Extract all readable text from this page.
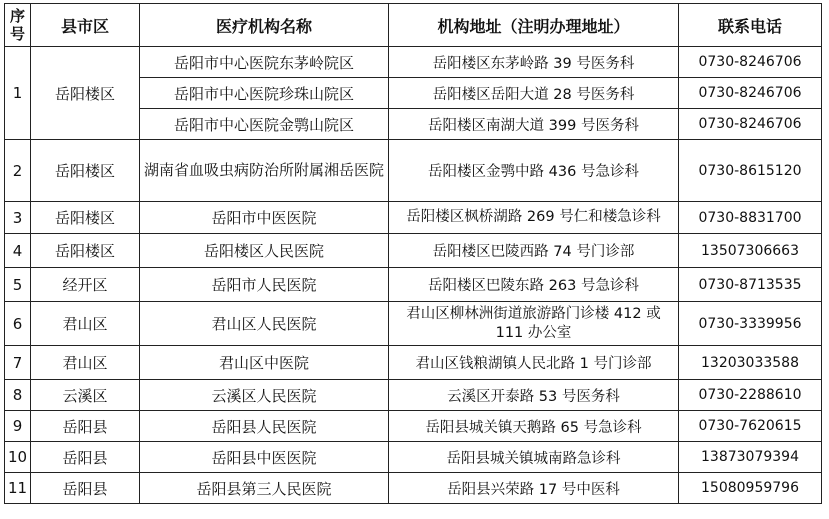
序号	县市区	医疗机构名称	机构地址（注明办理地址）	联系电话
1	岳阳楼区	岳阳市中心医院东茅岭院区	岳阳楼区东茅岭路 39 号医务科	0730-8246706
		岳阳市中心医院珍珠山院区	岳阳楼区岳阳大道 28 号医务科	0730-8246706
		岳阳市中心医院金鹗山院区	岳阳楼区南湖大道 399 号医务科	0730-8246706
2	岳阳楼区	湖南省血吸虫病防治所附属湘岳医院	岳阳楼区金鹗中路 436 号急诊科	0730-8615120
3	岳阳楼区	岳阳市中医医院	岳阳楼区枫桥湖路 269 号仁和楼急诊科	0730-8831700
4	岳阳楼区	岳阳楼区人民医院	岳阳楼区巴陵西路 74 号门诊部	13507306663
5	经开区	岳阳市人民医院	岳阳楼区巴陵东路 263 号急诊科	0730-8713535
6	君山区	君山区人民医院	君山区柳林洲街道旅游路门诊楼 412 或 111 办公室	0730-3339956
7	君山区	君山区中医院	君山区钱粮湖镇人民北路 1 号门诊部	13203033588
8	云溪区	云溪区人民医院	云溪区开泰路 53 号医务科	0730-2288610
9	岳阳县	岳阳县人民医院	岳阳县城关镇天鹅路 65 号急诊科	0730-7620615
10	岳阳县	岳阳县中医医院	岳阳县城关镇城南路急诊科	13873079394
11	岳阳县	岳阳县第三人民医院	岳阳县兴荣路 17 号中医科	15080959796
